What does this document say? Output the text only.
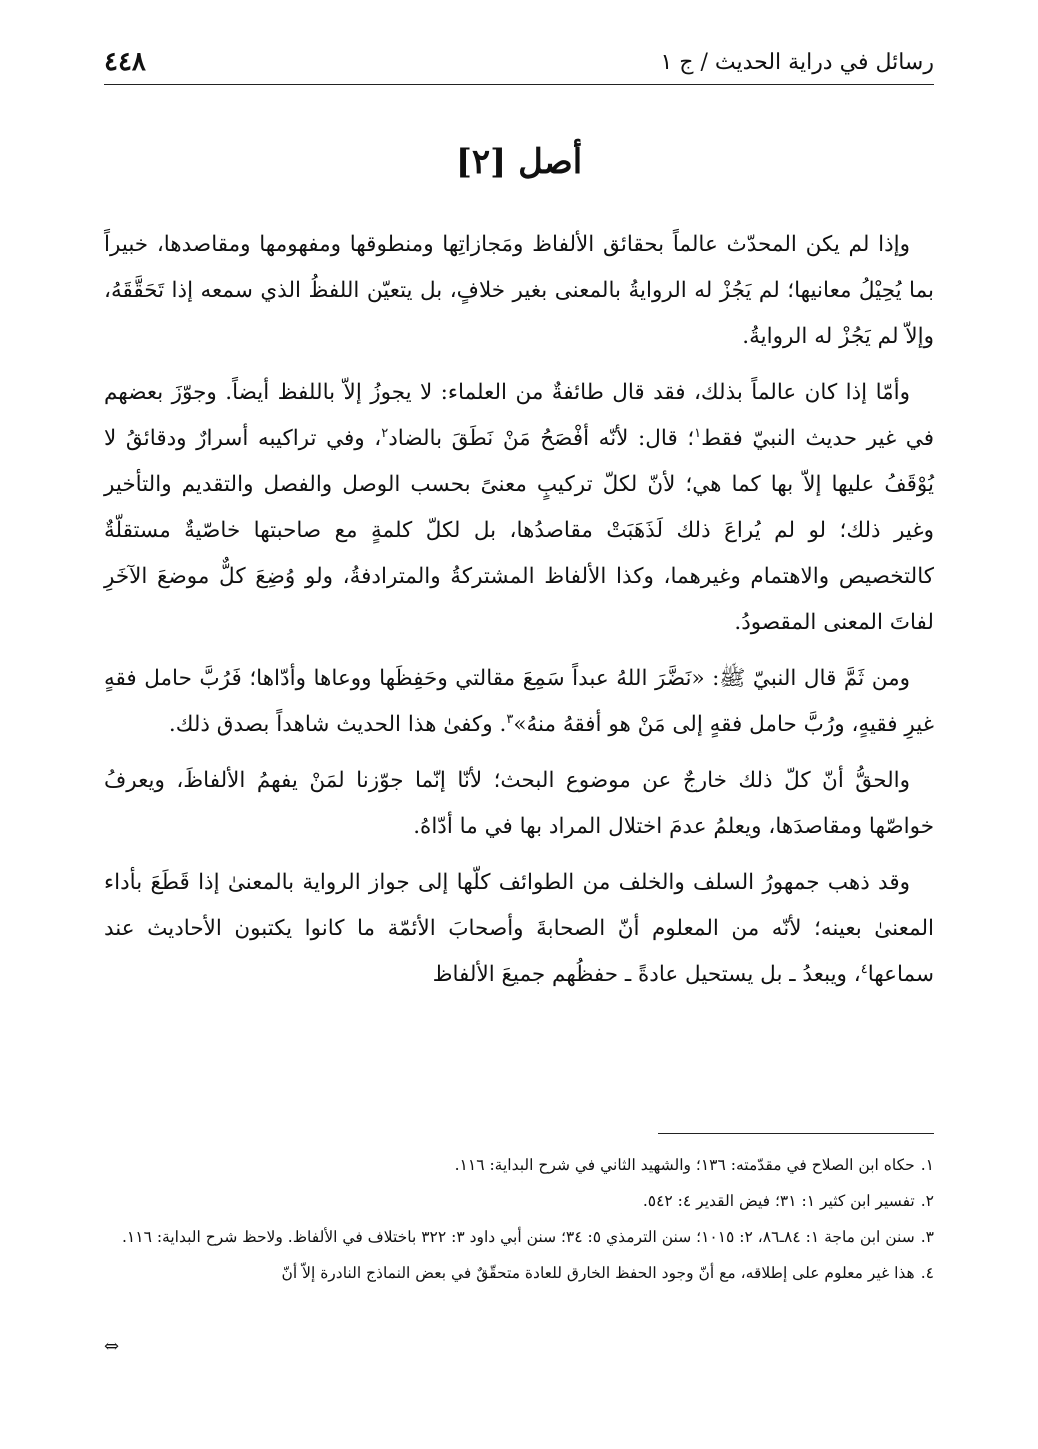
رسائل في دراية الحديث / ج ١
٤٤٨
أصل [٢]

وإذا لم يكن المحدّث عالماً بحقائق الألفاظ ومَجازاتِها ومنطوقها ومفهومها ومقاصدها، خبيراً بما يُحِيْلُ معانيها؛ لم يَجُزْ له الروايةُ بالمعنى بغير خلافٍ، بل يتعيّن اللفظُ الذي سمعه إذا تَحَقَّقَهُ، وإلاّ لم يَجُزْ له الروايةُ.

وأمّا إذا كان عالماً بذلك، فقد قال طائفةٌ من العلماء: لا يجوزُ إلاّ باللفظ أيضاً. وجوّزَ بعضهم في غير حديث النبيّ فقط$^١$؛ قال: لأنّه أفْصَحُ مَنْ نَطَقَ بالضاد$^٢$، وفي تراكيبه أسرارٌ ودقائقُ لا يُوْقَفُ عليها إلاّ بها كما هي؛ لأنّ لكلّ تركيبٍ معنىً بحسب الوصل والفصل والتقديم والتأخير وغير ذلك؛ لو لم يُراعَ ذلك لَذَهَبَتْ مقاصدُها، بل لكلّ كلمةٍ مع صاحبتها خاصّيةٌ مستقلّةٌ كالتخصيص والاهتمام وغيرهما، وكذا الألفاظ المشتركةُ والمترادفةُ، ولو وُضِعَ كلٌّ موضعَ الآخَرِ لفاتَ المعنى المقصودُ.

ومن ثَمَّ قال النبيّ ﷺ: «نَضَّرَ اللهُ عبداً سَمِعَ مقالتي وحَفِظَها ووعاها وأدّاها؛ فَرُبَّ حامل فقهٍ غيرِ فقيهٍ، ورُبَّ حامل فقهٍ إلى مَنْ هو أفقهُ منهُ»$^٣$. وكفىٰ هذا الحديث شاهداً بصدق ذلك.

والحقُّ أنّ كلّ ذلك خارجٌ عن موضوع البحث؛ لأنّا إنّما جوّزنا لمَنْ يفهمُ الألفاظَ، ويعرفُ خواصّها ومقاصدَها، ويعلمُ عدمَ اختلال المراد بها في ما أدّاهُ.

وقد ذهب جمهورُ السلف والخلف من الطوائف كلّها إلى جواز الرواية بالمعنىٰ إذا قَطَعَ بأداء المعنىٰ بعينه؛ لأنّه من المعلوم أنّ الصحابةَ وأصحابَ الأئمّة ما كانوا يكتبون الأحاديث عند سماعها$^٤$، ويبعدُ ـ بل يستحيل عادةً ـ حفظُهم جميعَ الألفاظ

١.حكاه ابن الصلاح في مقدّمته: ١٣٦؛ والشهيد الثاني في شرح البداية: ١١٦.

٢.تفسير ابن كثير ١: ٣١؛ فيض القدير ٤: ٥٤٢.

٣.سنن ابن ماجة ١: ٨٤ـ٨٦، ٢: ١٠١٥؛ سنن الترمذي ٥: ٣٤؛ سنن أبي داود ٣: ٣٢٢ باختلاف في الألفاظ. ولاحظ شرح البداية: ١١٦.

٤.هذا غير معلوم على إطلاقه، مع أنّ وجود الحفظ الخارق للعادة متحقّقٌ في بعض النماذج النادرة إلاّ أنّ

⇔
